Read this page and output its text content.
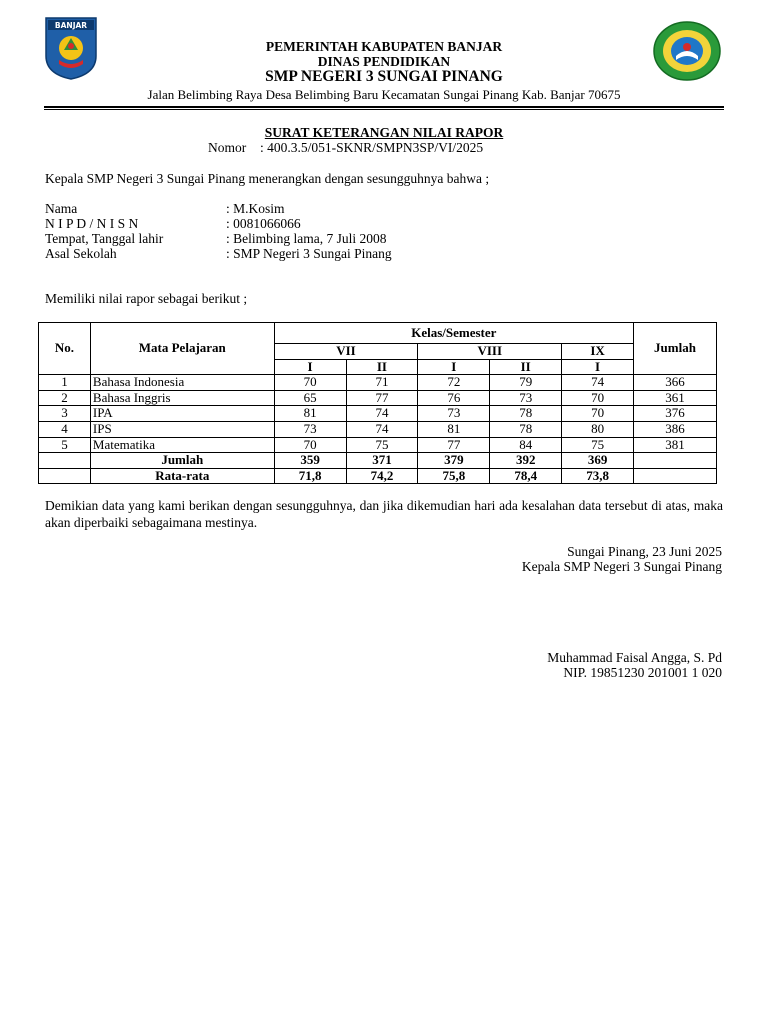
BANJAR
PEMERINTAH KABUPATEN BANJAR
DINAS PENDIDIKAN
SMP NEGERI 3 SUNGAI PINANG
Jalan Belimbing Raya Desa Belimbing Baru Kecamatan Sungai Pinang Kab. Banjar 70675
SURAT KETERANGAN NILAI RAPOR
Nomor : 400.3.5/051-SKNR/SMPN3SP/VI/2025
Kepala SMP Negeri 3 Sungai Pinang menerangkan dengan sesungguhnya bahwa ;
Nama	: M.Kosim
N I P D / N I S N	: 0081066066
Tempat, Tanggal lahir	: Belimbing lama, 7 Juli 2008
Asal Sekolah	: SMP Negeri 3 Sungai Pinang
Memiliki nilai rapor sebagai berikut ;
No.	Mata Pelajaran	Kelas/Semester					Jumlah
		VII		VIII		IX	
		I	II	I	II	I	
1	Bahasa Indonesia	70	71	72	79	74	366
2	Bahasa Inggris	65	77	76	73	70	361
3	IPA	81	74	73	78	70	376
4	IPS	73	74	81	78	80	386
5	Matematika	70	75	77	84	75	381
	Jumlah	359	371	379	392	369	
	Rata-rata	71,8	74,2	75,8	78,4	73,8	
Demikian data yang kami berikan dengan sesungguhnya, dan jika dikemudian hari ada kesalahan data tersebut di atas, maka akan diperbaiki sebagaimana mestinya.
Sungai Pinang, 23 Juni 2025
Kepala SMP Negeri 3 Sungai Pinang
Muhammad Faisal Angga, S. Pd
NIP. 19851230 201001 1 020
